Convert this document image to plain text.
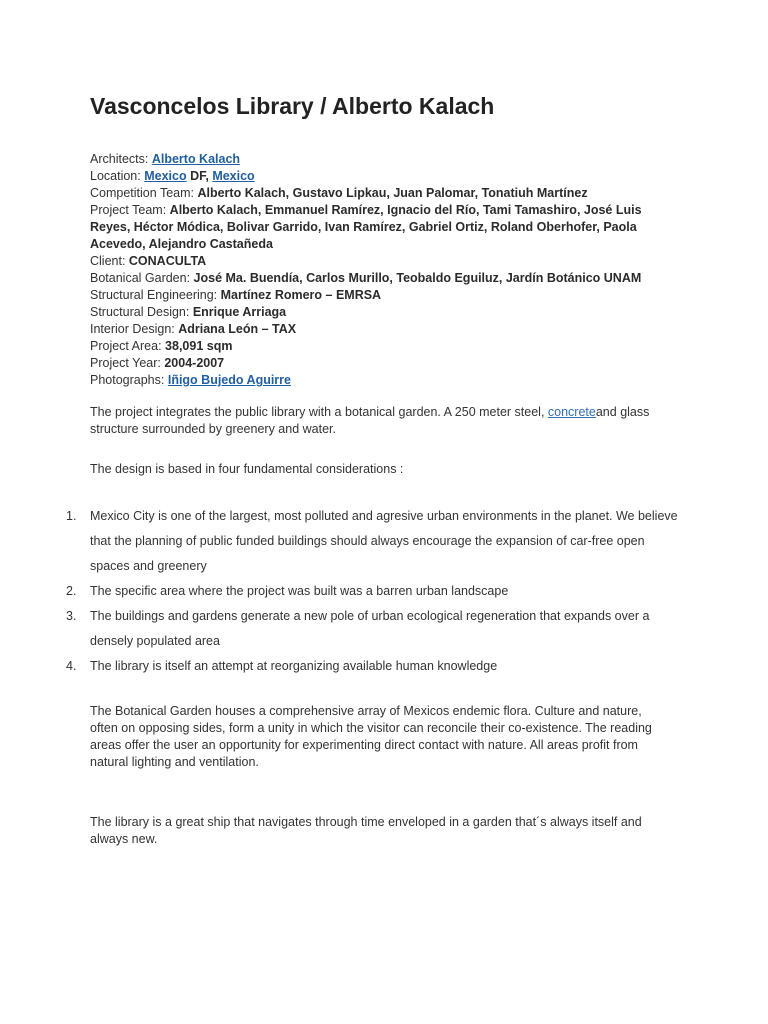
Vasconcelos Library / Alberto Kalach
Architects: Alberto Kalach
Location: Mexico DF, Mexico
Competition Team: Alberto Kalach, Gustavo Lipkau, Juan Palomar, Tonatiuh Martínez
Project Team: Alberto Kalach, Emmanuel Ramírez, Ignacio del Río, Tami Tamashiro, José Luis Reyes, Héctor Módica, Bolivar Garrido, Ivan Ramírez, Gabriel Ortiz, Roland Oberhofer, Paola Acevedo, Alejandro Castañeda
Client: CONACULTA
Botanical Garden: José Ma. Buendía, Carlos Murillo, Teobaldo Eguiluz, Jardín Botánico UNAM
Structural Engineering: Martínez Romero – EMRSA
Structural Design: Enrique Arriaga
Interior Design: Adriana León – TAX
Project Area: 38,091 sqm
Project Year: 2004-2007
Photographs: Iñigo Bujedo Aguirre

The project integrates the public library with a botanical garden. A 250 meter steel, concreteand glass structure surrounded by greenery and water.

The design is based in four fundamental considerations :

1. Mexico City is one of the largest, most polluted and agresive urban environments in the planet. We believe that the planning of public funded buildings should always encourage the expansion of car-free open spaces and greenery
2. The specific area where the project was built was a barren urban landscape
3. The buildings and gardens generate a new pole of urban ecological regeneration that expands over a densely populated area
4. The library is itself an attempt at reorganizing available human knowledge

The Botanical Garden houses a comprehensive array of Mexicos endemic flora. Culture and nature, often on opposing sides, form a unity in which the visitor can reconcile their co-existence. The reading areas offer the user an opportunity for experimenting direct contact with nature. All areas profit from natural lighting and ventilation.

The library is a great ship that navigates through time enveloped in a garden that´s always itself and always new.
